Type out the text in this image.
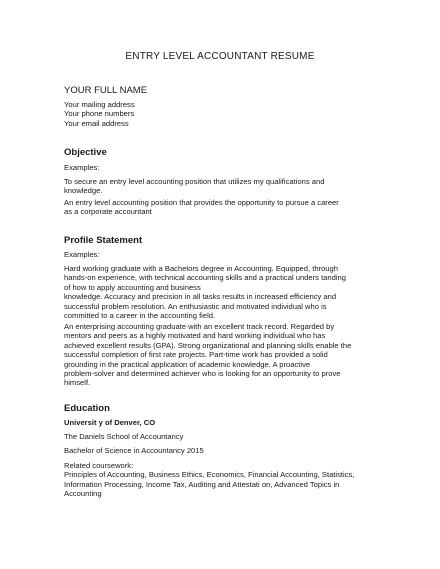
ENTRY LEVEL ACCOUNTANT RESUME
YOUR FULL NAME

Your mailing address

Your phone numbers

Your email address

Objective

Examples:

To secure an entry level accounting position that utilizes my qualifications and

knowledge.

An entry level accounting position that provides the opportunity to pursue a career

as a corporate accountant

Profile Statement

Examples:

Hard working graduate with a Bachelors degree in Accounting. Equipped, through

hands-on experience, with technical accounting skills and a practical unders tanding

of how to apply accounting and business

knowledge. Accuracy and precision in all tasks results in increased efficiency and

successful problem resolution. An enthusiastic and motivated individual who is

committed to a career in the accounting field.

An enterprising accounting graduate with an excellent track record. Regarded by

mentors and peers as a highly motivated and hard working individual who has

achieved excellent results (GPA). Strong organizational and planning skills enable the

successful completion of first rate projects. Part-time work has provided a solid

grounding in the practical application of academic knowledge. A proactive

problem-solver and determined achiever who is looking for an opportunity to prove

himself.

Education

Universit y of Denver, CO

The Daniels School of Accountancy

Bachelor of Science in Accountancy 2015

Related coursework:

Principles of Accounting, Business Ethics, Economics, Financial Accounting, Statistics,

Information Processing, Income Tax, Auditing and Attestati on, Advanced Topics in

Accounting
